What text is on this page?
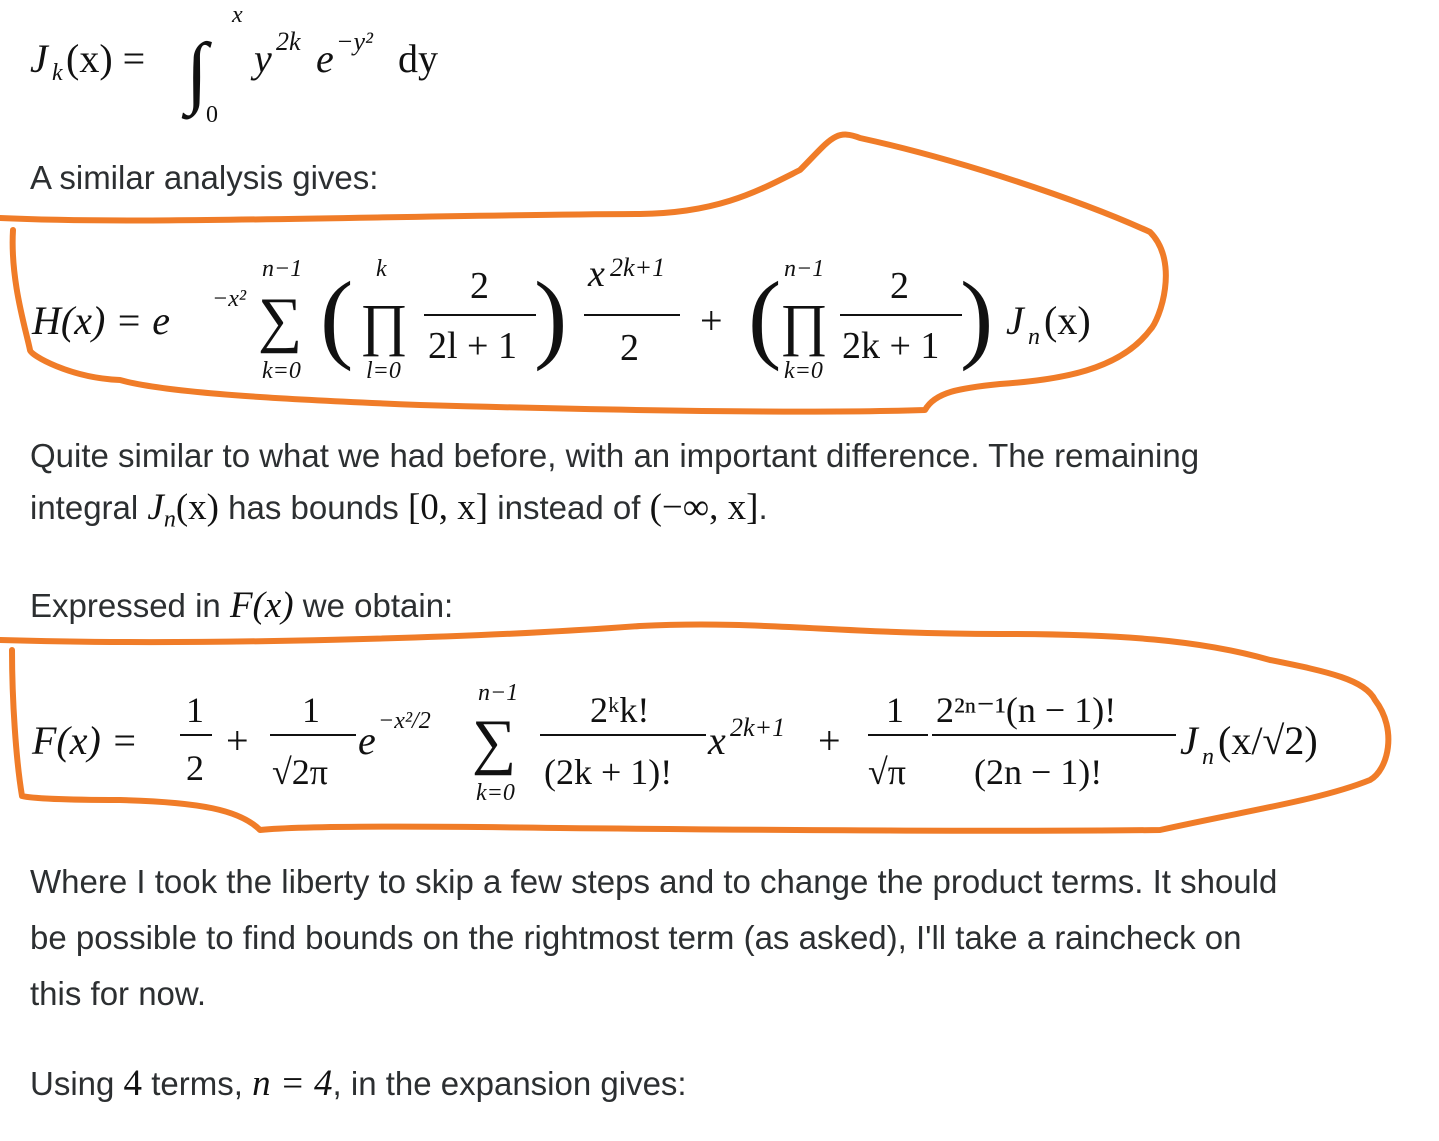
J k (x) = ∫
x
0
y 2k e −y² dy
A similar analysis gives:
H(x) = e −x²
n−1
∑
k=0 ( k
∏
l=0
2
2l + 1 ) x 2k+1
2
+ ( n−1
∏
k=0
2
2k + 1 ) J n (x)
Quite similar to what we had before, with an important difference. The remaining
integral $J_n(x)$ has bounds [0, x] instead of (−∞, x].
Expressed in F(x) we obtain:
F(x) =
1
2
+
1
√2π
e −x²/2
n−1
∑
k=0
2ᵏk!
(2k + 1)!
x 2k+1 +
1
√π
2²ⁿ⁻¹(n − 1)!
(2n − 1)!
J n (x/√2)
Where I took the liberty to skip a few steps and to change the product terms. It should
be possible to find bounds on the rightmost term (as asked), I'll take a raincheck on
this for now.
Using 4 terms, n = 4, in the expansion gives:
